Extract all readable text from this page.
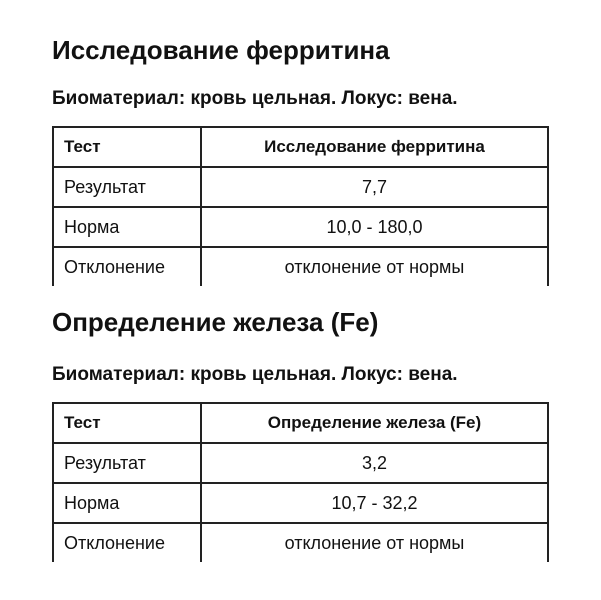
Исследование ферритина
Биоматериал: кровь цельная. Локус: вена.
Тест	Исследование ферритина
Результат	7,7
Норма	10,0 - 180,0
Отклонение	отклонение от нормы
Определение железа (Fe)
Биоматериал: кровь цельная. Локус: вена.
Тест	Определение железа (Fe)
Результат	3,2
Норма	10,7 - 32,2
Отклонение	отклонение от нормы
